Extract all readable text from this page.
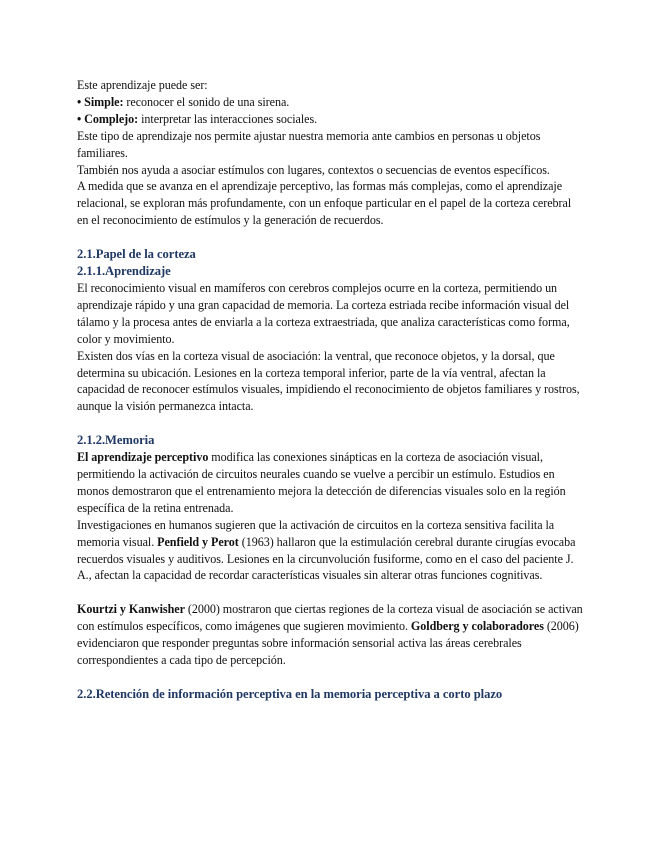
Este aprendizaje puede ser:

• Simple: reconocer el sonido de una sirena.

• Complejo: interpretar las interacciones sociales.

Este tipo de aprendizaje nos permite ajustar nuestra memoria ante cambios en personas u objetos familiares.

También nos ayuda a asociar estímulos con lugares, contextos o secuencias de eventos específicos.

A medida que se avanza en el aprendizaje perceptivo, las formas más complejas, como el aprendizaje relacional, se exploran más profundamente, con un enfoque particular en el papel de la corteza cerebral

en el reconocimiento de estímulos y la generación de recuerdos.

2.1.Papel de la corteza
2.1.1.Aprendizaje

El reconocimiento visual en mamíferos con cerebros complejos ocurre en la corteza, permitiendo un aprendizaje rápido y una gran capacidad de memoria. La corteza estriada recibe información visual del tálamo y la procesa antes de enviarla a la corteza extraestriada, que analiza características como forma, color y movimiento.

Existen dos vías en la corteza visual de asociación: la ventral, que reconoce objetos, y la dorsal, que determina su ubicación. Lesiones en la corteza temporal inferior, parte de la vía ventral, afectan la capacidad de reconocer estímulos visuales, impidiendo el reconocimiento de objetos familiares y rostros, aunque la visión permanezca intacta.

2.1.2.Memoria

El aprendizaje perceptivo modifica las conexiones sinápticas en la corteza de asociación visual, permitiendo la activación de circuitos neurales cuando se vuelve a percibir un estímulo. Estudios en monos demostraron que el entrenamiento mejora la detección de diferencias visuales solo en la región específica de la retina entrenada.

Investigaciones en humanos sugieren que la activación de circuitos en la corteza sensitiva facilita la memoria visual. Penfield y Perot (1963) hallaron que la estimulación cerebral durante cirugías evocaba recuerdos visuales y auditivos. Lesiones en la circunvolución fusiforme, como en el caso del paciente J. A., afectan la capacidad de recordar características visuales sin alterar otras funciones cognitivas.

Kourtzi y Kanwisher (2000) mostraron que ciertas regiones de la corteza visual de asociación se activan con estímulos específicos, como imágenes que sugieren movimiento. Goldberg y colaboradores (2006) evidenciaron que responder preguntas sobre información sensorial activa las áreas cerebrales correspondientes a cada tipo de percepción.

2.2.Retención de información perceptiva en la memoria perceptiva a corto plazo
